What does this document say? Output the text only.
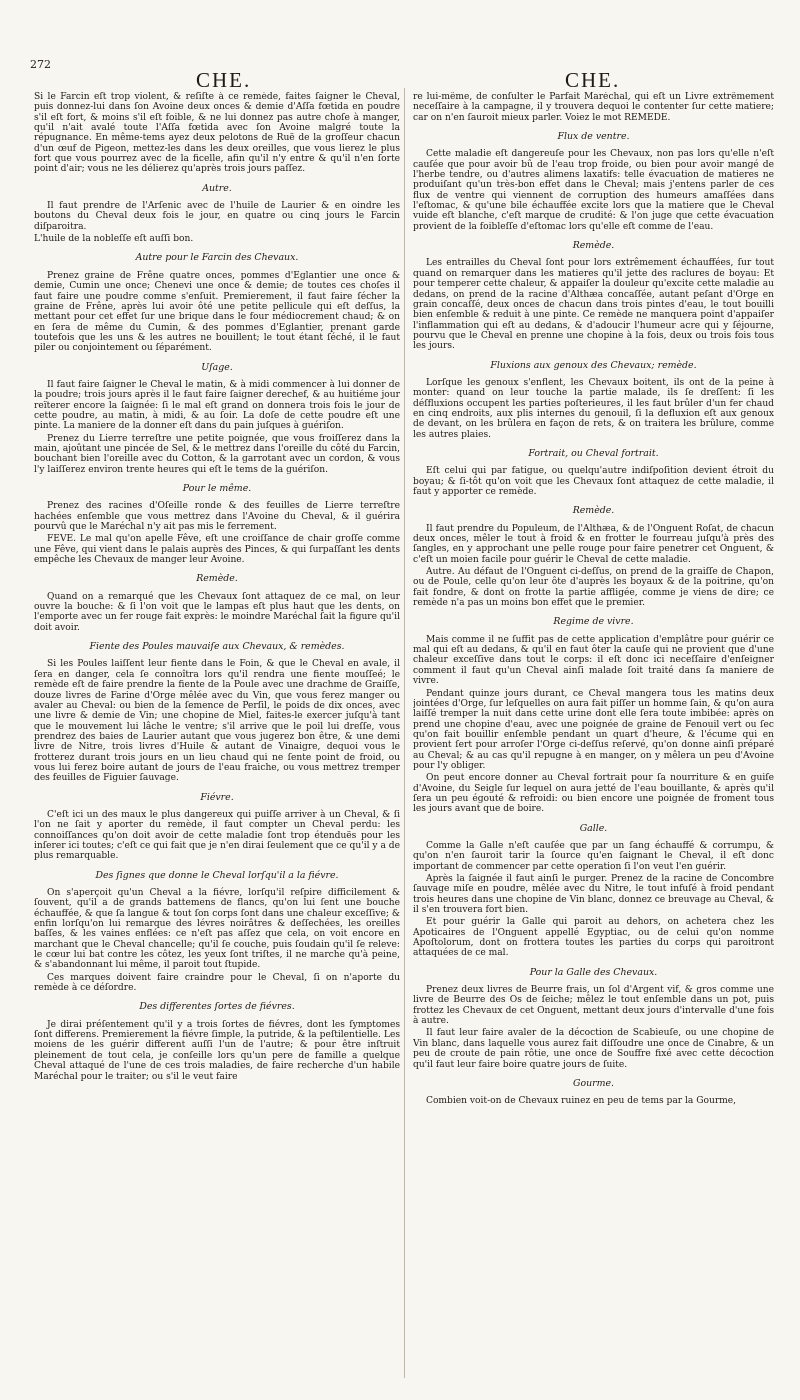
272
CHE.	CHE.

Si le Farcin eſt trop violent, & reſiſte à ce remède, faites ſaigner le Cheval, puis donnez-lui dans ſon Avoine deux onces & demie d'Aſſa fœtida en poudre s'il eſt fort, & moins s'il eſt foible, & ne lui donnez pas autre choſe à manger, qu'il n'ait avalé toute l'Aſſa fœtida avec ſon Avoine malgré toute la répugnance. En même-tems ayez deux pelotons de Ruë de la groſſeur chacun d'un œuf de Pigeon, mettez-les dans les deux oreilles, que vous lierez le plus fort que vous pourrez avec de la ficelle, afin qu'il n'y entre & qu'il n'en ſorte point d'air; vous ne les délierez qu'après trois jours paſſez.

Autre.

Il faut prendre de l'Arſenic avec de l'huile de Laurier & en oindre les boutons du Cheval deux fois le jour, en quatre ou cinq jours le Farcin diſparoitra.

L'huile de la nobleſſe eſt auſſi bon.

Autre pour le Farcin des Chevaux.

Prenez graine de Frêne quatre onces, pommes d'Eglantier une once & demie, Cumin une once; Chenevi une once & demie; de toutes ces choſes il faut faire une poudre comme s'enſuit. Premierement, il faut faire ſécher la graine de Frêne, après lui avoir ôté une petite pellicule qui eſt deſſus, la mettant pour cet effet ſur une brique dans le four médiocrement chaud; & on en ſera de même du Cumin, & des pommes d'Eglantier, prenant garde toutefois que les uns & les autres ne bouillent; le tout étant ſéché, il le faut piler ou conjointement ou ſéparément.

Uſage.

Il faut faire ſaigner le Cheval le matin, & à midi commencer à lui donner de la poudre; trois jours après il le faut faire ſaigner derechef, & au huitiéme jour reïterer encore la ſaignée: ſi le mal eſt grand on donnera trois fois le jour de cette poudre, au matin, à midi, & au ſoir. La doſe de cette poudre eſt une pinte. La maniere de la donner eſt dans du pain juſques à guériſon.

Prenez du Lierre terreſtre une petite poignée, que vous froiſſerez dans la main, ajoûtant une pincée de Sel, & le mettrez dans l'oreille du côté du Farcin, bouchant bien l'oreille avec du Cotton, & la garrotant avec un cordon, & vous l'y laiſſerez environ trente heures qui eſt le tems de la guériſon.

Pour le même.

Prenez des racines d'Oſeille ronde & des feuilles de Lierre terreſtre hachées enſemble que vous mettrez dans l'Avoine du Cheval, & il guérira pourvû que le Maréchal n'y ait pas mis le ferrement.

FEVE. Le mal qu'on apelle Fêve, eſt une croiſſance de chair groſſe comme une Fêve, qui vient dans le palais auprès des Pinces, & qui ſurpaſſant les dents empêche les Chevaux de manger leur Avoine.

Remède.

Quand on a remarqué que les Chevaux ſont attaquez de ce mal, on leur ouvre la bouche: & ſi l'on voit que le lampas eſt plus haut que les dents, on l'emporte avec un fer rouge fait exprès: le moindre Maréchal ſait la figure qu'il doit avoir.

Fiente des Poules mauvaiſe aux Chevaux, & remèdes.

Si les Poules laiſſent leur fiente dans le Foin, & que le Cheval en avale, il ſera en danger, cela ſe connoîtra lors qu'il rendra une fiente mouſſeé; le remède eſt de faire prendre la fiente de la Poule avec une drachme de Graiſſe, douze livres de Farine d'Orge mêlée avec du Vin, que vous ferez manger ou avaler au Cheval: ou bien de la ſemence de Perſil, le poids de dix onces, avec une livre & demie de Vin; une chopine de Miel, faites-le exercer juſqu'à tant que le mouvement lui lâche le ventre; s'il arrive que le poil lui dreſſe, vous prendrez des baies de Laurier autant que vous jugerez bon être, & une demi livre de Nitre, trois livres d'Huile & autant de Vinaigre, dequoi vous le frotterez durant trois jours en un lieu chaud qui ne ſente point de froid, ou vous lui ferez boire autant de jours de l'eau fraiche, ou vous mettrez tremper des feuilles de Figuier ſauvage.

Fiévre.

C'eſt ici un des maux le plus dangereux qui puiſſe arriver à un Cheval, & ſi l'on ne ſait y aporter du remède, il faut compter un Cheval perdu: les connoiſſances qu'on doit avoir de cette maladie ſont trop étenduës pour les inſerer ici toutes; c'eſt ce qui fait que je n'en dirai ſeulement que ce qu'il y a de plus remarquable.

Des ſignes que donne le Cheval lorſqu'il a la fiévre.

On s'aperçoit qu'un Cheval a la fiévre, lorſqu'il reſpire difficilement & ſouvent, qu'il a de grands battemens de flancs, qu'on lui ſent une bouche échauffée, & que ſa langue & tout ſon corps ſont dans une chaleur exceſſive; & enfin lorſqu'on lui remarque des lévres noirâtres & deſſechées, les oreilles baſſes, & les vaines enflées: ce n'eſt pas aſſez que cela, on voit encore en marchant que le Cheval chancelle; qu'il ſe couche, puis ſoudain qu'il ſe releve: le cœur lui bat contre les côtez, les yeux ſont triſtes, il ne marche qu'à peine, & s'abandonnant lui même, il paroit tout ſtupide.

Ces marques doivent faire craindre pour le Cheval, ſi on n'aporte du remède à ce déſordre.

Des differentes ſortes de fiévres.

Je dirai préſentement qu'il y a trois ſortes de fiévres, dont les ſymptomes ſont differens. Premierement la fiévre ſimple, la putride, & la peſtilentielle. Les moiens de les guérir different auſſi l'un de l'autre; & pour être inſtruit pleinement de tout cela, je conſeille lors qu'un pere de famille a quelque Cheval attaqué de l'une de ces trois maladies, de faire recherche d'un habile Maréchal pour le traiter; ou s'il le veut faire

re lui-même, de conſulter le Parfait Maréchal, qui eſt un Livre extrêmement neceſſaire à la campagne, il y trouvera dequoi le contenter ſur cette matiere; car on n'en ſauroit mieux parler. Voiez le mot REMEDE.

Flux de ventre.

Cette maladie eſt dangereuſe pour les Chevaux, non pas lors qu'elle n'eſt cauſée que pour avoir bû de l'eau trop froide, ou bien pour avoir mangé de l'herbe tendre, ou d'autres alimens laxatifs: telle évacuation de matieres ne produiſant qu'un très-bon effet dans le Cheval; mais j'entens parler de ces flux de ventre qui viennent de corruption des humeurs amaſſées dans l'eſtomac, & qu'une bile échauffée excite lors que la matiere que le Cheval vuide eſt blanche, c'eſt marque de crudité: & l'on juge que cette évacuation provient de la foibleſſe d'eſtomac lors qu'elle eſt comme de l'eau.

Remède.

Les entrailles du Cheval ſont pour lors extrêmement échauffées, ſur tout quand on remarquer dans les matieres qu'il jette des raclures de boyau: Et pour temperer cette chaleur, & appaiſer la douleur qu'excite cette maladie au dedans, on prend de la racine d'Althæa concaſſée, autant peſant d'Orge en grain concaſſé, deux onces de chacun dans trois pintes d'eau, le tout bouilli bien enſemble & reduit à une pinte. Ce remède ne manquera point d'appaiſer l'inflammation qui eſt au dedans, & d'adoucir l'humeur acre qui y ſéjourne, pourvu que le Cheval en prenne une chopine à la fois, deux ou trois fois tous les jours.

Fluxions aux genoux des Chevaux; remède.

Lorſque les genoux s'enflent, les Chevaux boitent, ils ont de la peine à monter: quand on leur touche la partie malade, ils ſe dreſſent: ſi les déſfluxions occupent les parties poſterieures, il les faut brûler d'un fer chaud en cinq endroits, aux plis internes du genouil, ſi la defluxion eſt aux genoux de devant, on les brûlera en façon de rets, & on traitera les brûlure, comme les autres plaies.

Fortrait, ou Cheval fortrait.

Eſt celui qui par fatigue, ou quelqu'autre indiſpoſition devient étroit du boyau; & ſi-tôt qu'on voit que les Chevaux ſont attaquez de cette maladie, il faut y apporter ce remède.

Remède.

Il faut prendre du Populeum, de l'Althæa, & de l'Onguent Roſat, de chacun deux onces, mêler le tout à froid & en frotter le fourreau juſqu'à près des ſangles, en y approchant une pelle rouge pour faire penetrer cet Onguent, & c'eſt un moien facile pour guérir le Cheval de cette maladie.

Autre. Au défaut de l'Onguent ci-deſſus, on prend de la graiſſe de Chapon, ou de Poule, celle qu'on leur ôte d'auprès les boyaux & de la poitrine, qu'on fait fondre, & dont on frotte la partie affligée, comme je viens de dire; ce remède n'a pas un moins bon effet que le premier.

Regime de vivre.

Mais comme il ne ſuffit pas de cette application d'emplâtre pour guérir ce mal qui eſt au dedans, & qu'il en faut ôter la cauſe qui ne provient que d'une chaleur exceſſive dans tout le corps: il eſt donc ici neceſſaire d'enſeigner comment il faut qu'un Cheval ainſi malade ſoit traité dans ſa maniere de vivre.

Pendant quinze jours durant, ce Cheval mangera tous les matins deux jointées d'Orge, ſur leſquelles on aura fait piſſer un homme ſain, & qu'on aura laiſſé tremper la nuit dans cette urine dont elle ſera toute imbibée: après on prend une chopine d'eau, avec une poignée de graine de Fenouil vert ou ſec qu'on fait bouillir enſemble pendant un quart d'heure, & l'écume qui en provient ſert pour arroſer l'Orge ci-deſſus reſervé, qu'on donne ainſi préparé au Cheval; & au cas qu'il repugne à en manger, on y mêlera un peu d'Avoine pour l'y obliger.

On peut encore donner au Cheval fortrait pour ſa nourriture & en guiſe d'Avoine, du Seigle ſur lequel on aura jetté de l'eau bouillante, & après qu'il ſera un peu égouté & refroidi: ou bien encore une poignée de froment tous les jours avant que de boire.

Galle.

Comme la Galle n'eſt cauſée que par un ſang échauffé & corrumpu, & qu'on n'en ſauroit tarir la ſource qu'en ſaignant le Cheval, il eſt donc important de commencer par cette operation ſi l'on veut l'en guérir.

Après la ſaignée il faut ainſi le purger. Prenez de la racine de Concombre ſauvage miſe en poudre, mêlée avec du Nitre, le tout infuſé à froid pendant trois heures dans une chopine de Vin blanc, donnez ce breuvage au Cheval, & il s'en trouvera fort bien.

Et pour guérir la Galle qui paroit au dehors, on achetera chez les Apoticaires de l'Onguent appellé Egyptiac, ou de celui qu'on nomme Apoſtolorum, dont on frottera toutes les parties du corps qui paroitront attaquées de ce mal.

Pour la Galle des Chevaux.

Prenez deux livres de Beurre frais, un ſol d'Argent vif, & gros comme une livre de Beurre des Os de ſeiche; mêlez le tout enſemble dans un pot, puis frottez les Chevaux de cet Onguent, mettant deux jours d'intervalle d'une fois à autre.

Il faut leur faire avaler de la décoction de Scabieuſe, ou une chopine de Vin blanc, dans laquelle vous aurez fait diſſoudre une once de Cinabre, & un peu de croute de pain rôtie, une once de Souffre fixé avec cette décoction qu'il faut leur faire boire quatre jours de ſuite.

Gourme.

Combien voit-on de Chevaux ruinez en peu de tems par la Gourme,
